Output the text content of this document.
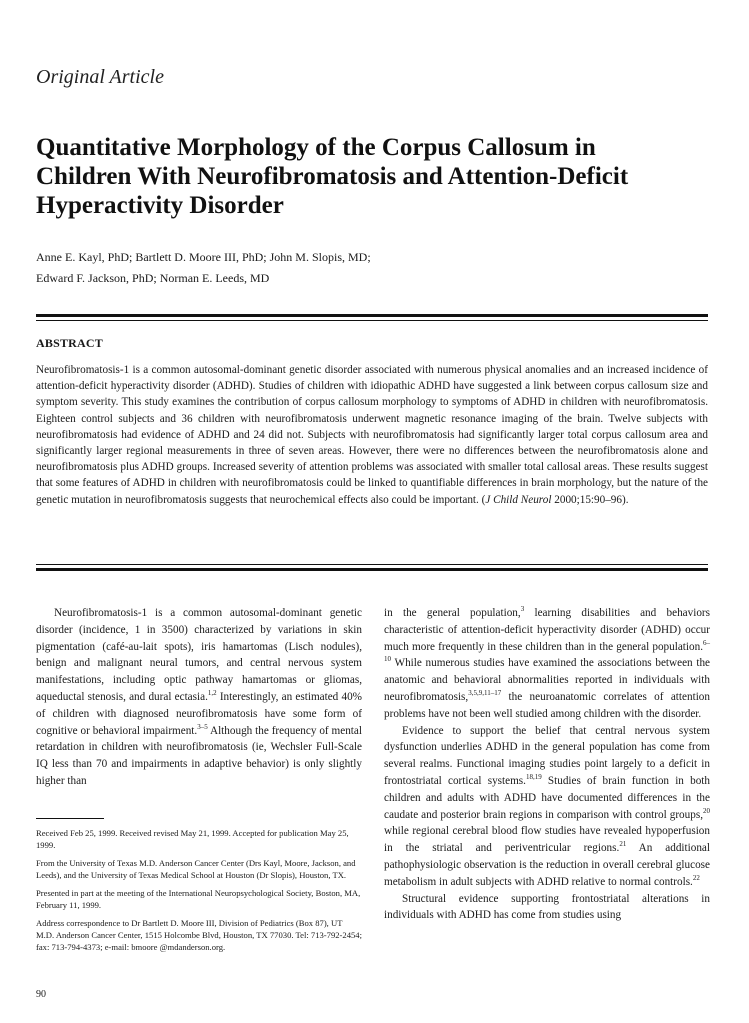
Original Article
Quantitative Morphology of the Corpus Callosum in Children With Neurofibromatosis and Attention-Deficit Hyperactivity Disorder
Anne E. Kayl, PhD; Bartlett D. Moore III, PhD; John M. Slopis, MD;
Edward F. Jackson, PhD; Norman E. Leeds, MD
ABSTRACT
Neurofibromatosis-1 is a common autosomal-dominant genetic disorder associated with numerous physical anomalies and an increased incidence of attention-deficit hyperactivity disorder (ADHD). Studies of children with idiopathic ADHD have suggested a link between corpus callosum size and symptom severity. This study examines the contribution of corpus callosum morphology to symptoms of ADHD in children with neurofibromatosis. Eighteen control subjects and 36 children with neurofibromatosis underwent magnetic resonance imaging of the brain. Twelve subjects with neurofibromatosis had evidence of ADHD and 24 did not. Subjects with neurofibromatosis had significantly larger total corpus callosum area and significantly larger regional measurements in three of seven areas. However, there were no differences between the neurofibromatosis alone and neurofibromatosis plus ADHD groups. Increased severity of attention problems was associated with smaller total callosal areas. These results suggest that some features of ADHD in children with neurofibromatosis could be linked to quantifiable differences in brain morphology, but the nature of the genetic mutation in neurofibromatosis suggests that neurochemical effects also could be important. (J Child Neurol 2000;15:90–96).

Neurofibromatosis-1 is a common autosomal-dominant genetic disorder (incidence, 1 in 3500) characterized by variations in skin pigmentation (café-au-lait spots), iris hamartomas (Lisch nodules), benign and malignant neural tumors, and central nervous system manifestations, including optic pathway hamartomas or gliomas, aqueductal stenosis, and dural ectasia.$^{1,2}$ Interestingly, an estimated 40% of children with diagnosed neurofibromatosis have some form of cognitive or behavioral impairment.$^{3-5}$ Although the frequency of mental retardation in children with neurofibromatosis (ie, Wechsler Full-Scale IQ less than 70 and impairments in adaptive behavior) is only slightly higher than

Received Feb 25, 1999. Received revised May 21, 1999. Accepted for publication May 25, 1999.

From the University of Texas M.D. Anderson Cancer Center (Drs Kayl, Moore, Jackson, and Leeds), and the University of Texas Medical School at Houston (Dr Slopis), Houston, TX.

Presented in part at the meeting of the International Neuropsychological Society, Boston, MA, February 11, 1999.

Address correspondence to Dr Bartlett D. Moore III, Division of Pediatrics (Box 87), UT M.D. Anderson Cancer Center, 1515 Holcombe Blvd, Houston, TX 77030. Tel: 713-792-2454; fax: 713-794-4373; e-mail: bmoore @mdanderson.org.

in the general population,$^3$ learning disabilities and behaviors characteristic of attention-deficit hyperactivity disorder (ADHD) occur much more frequently in these children than in the general population.$^{6-10}$ While numerous studies have examined the associations between the anatomic and behavioral abnormalities reported in individuals with neurofibromatosis,$^{3,5,9,11-17}$ the neuroanatomic correlates of attention problems have not been well studied among children with the disorder.

Evidence to support the belief that central nervous system dysfunction underlies ADHD in the general population has come from several realms. Functional imaging studies point largely to a deficit in frontostriatal cortical systems.$^{18,19}$ Studies of brain function in both children and adults with ADHD have documented differences in the caudate and posterior brain regions in comparison with control groups,$^{20}$ while regional cerebral blood flow studies have revealed hypoperfusion in the striatal and periventricular regions.$^{21}$ An additional pathophysiologic observation is the reduction in overall cerebral glucose metabolism in adult subjects with ADHD relative to normal controls.$^{22}$

Structural evidence supporting frontostriatal alterations in individuals with ADHD has come from studies using

90
